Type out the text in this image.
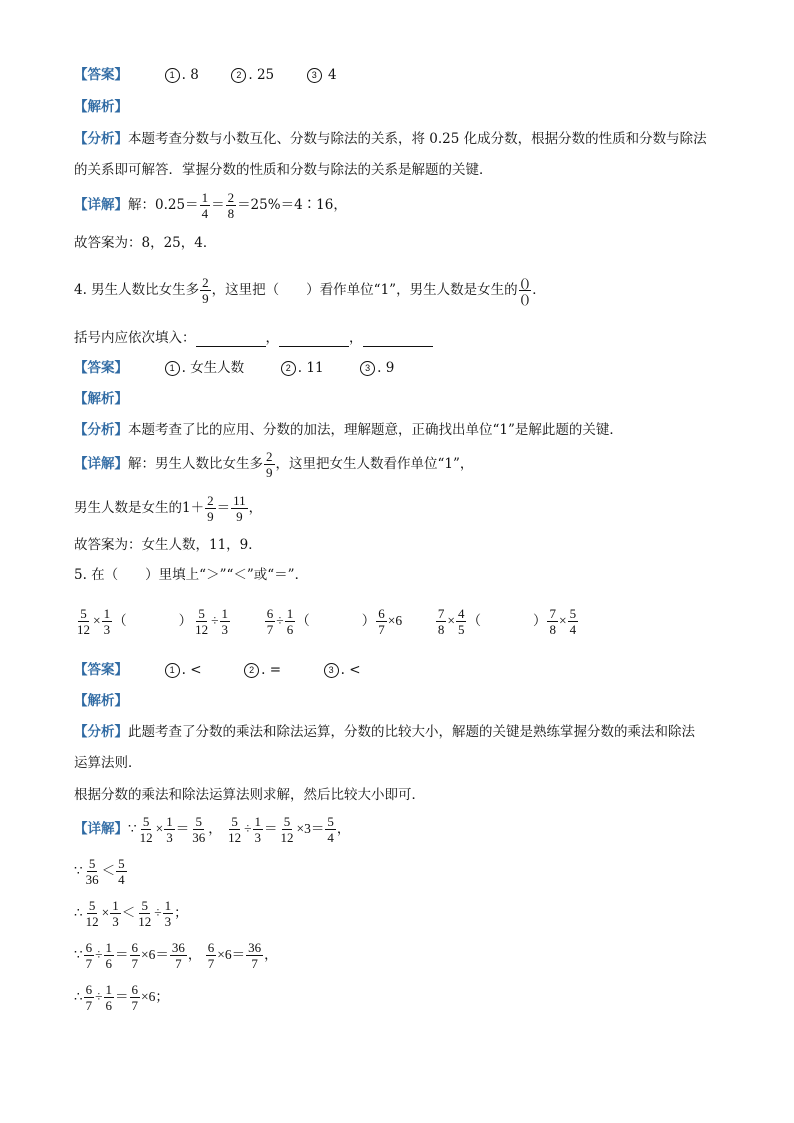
【答案】	1 . 8	2 . 25	3 4
【解析】
【分析】本题考查分数与小数互化、分数与除法的关系，将 0.25 化成分数，根据分数的性质和分数与除法
的关系即可解答．掌握分数的性质和分数与除法的关系是解题的关键．
【详解】解：$0.25= \frac{1}{4} = \frac{2}{8}$ ＝25%＝4∶16，
故答案为：8，25，4．
4. 男生人数比女生多 $\frac{2}{9}$ ，这里把（　　）看作单位“1”，男生人数是女生的 $\frac{()}{()}$ ．
括号内应依次填入：	，	，
【答案】	1 . 女生人数	2 . 11	3 . 9
【解析】
【分析】本题考查了比的应用、分数的加法，理解题意，正确找出单位“1”是解此题的关键．
【详解】解：男生人数比女生多 $\frac{2}{9}$ ，这里把女生人数看作单位“1”，
男生人数是女生的$1+ \frac{2}{9} = \frac{11}{9}$ ，
故答案为：女生人数，11，9．
5. 在（　　）里填上“＞”“＜”或“＝”．
$\frac{5}{12} \times \frac{1}{3}$ （	） $\frac{5}{12} \div \frac{1}{3}$
	$\frac{6}{7} \div \frac{1}{6}$ （	） $\frac{6}{7} \times 6 \frac{7}{8} \times \frac{4}{5}$ （	） $\frac{7}{8} \times \frac{5}{4}$
【答案】	1 . <	2 . =	3 . <
【解析】
【分析】此题考查了分数的乘法和除法运算，分数的比较大小，解题的关键是熟练掌握分数的乘法和除法
运算法则．
根据分数的乘法和除法运算法则求解，然后比较大小即可．
【详解】∵ $\frac{5}{12} \times \frac{1}{3} = \frac{5}{36}$ ， $\frac{5}{12} \div \frac{1}{3} = \frac{5}{12} \times 3= \frac{5}{4}$ ，
∵ $\frac{5}{36} < \frac{5}{4}$
∴ $\frac{5}{12} \times \frac{1}{3} < \frac{5}{12} \div \frac{1}{3}$ ；
∵ $\frac{6}{7} \div \frac{1}{6} = \frac{6}{7} \times 6= \frac{36}{7}$ ， $\frac{6}{7} \times 6= \frac{36}{7}$ ，
∴ $\frac{6}{7} \div \frac{1}{6} = \frac{6}{7} \times 6$；
